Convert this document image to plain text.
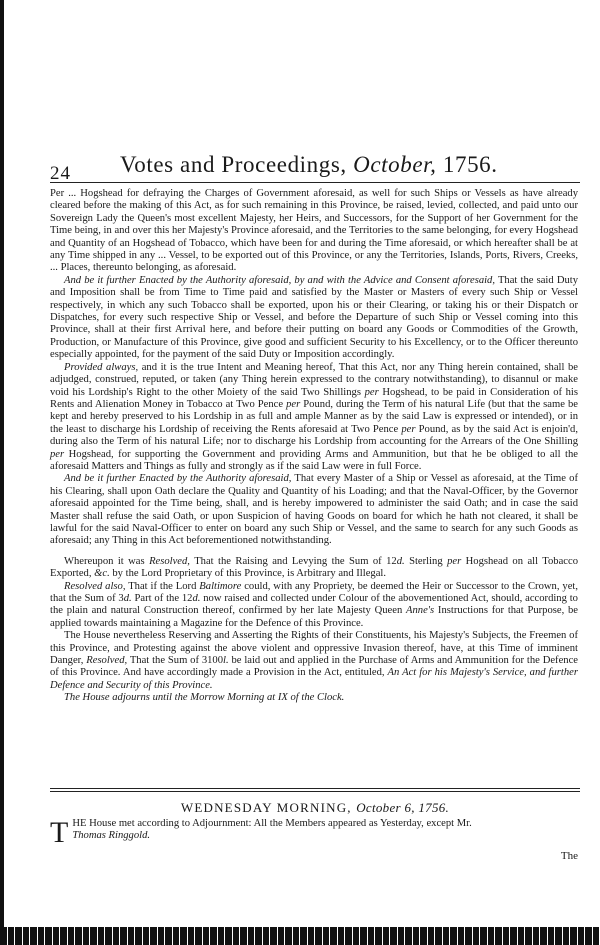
24 Votes and Proceedings, October, 1756.

Per ... Hogshead for defraying the Charges of Government aforesaid, as well for such Ships or Vessels as have already cleared before the making of this Act, as for such remaining in this Province, be raised, levied, collected, and paid unto our Sovereign Lady the Queen's most excellent Majesty, her Heirs, and Successors, for the Support of her Government for the Time being, in and over this her Majesty's Province aforesaid, and the Territories to the same belonging, for every Hogshead and Quantity of an Hogshead of Tobacco, which have been for and during the Time aforesaid, or which hereafter shall be at any Time shipped in any ... Vessel, to be exported out of this Province, or any the Territories, Islands, Ports, Rivers, Creeks, ... Places, thereunto belonging, as aforesaid.

And be it further Enacted by the Authority aforesaid, by and with the Advice and Consent aforesaid, That the said Duty and Imposition shall be from Time to Time paid and satisfied by the Master or Masters of every such Ship or Vessel respectively, in which any such Tobacco shall be exported, upon his or their Clearing, or taking his or their Dispatch or Dispatches, for every such respective Ship or Vessel, and before the Departure of such Ship or Vessel coming into this Province, shall at their first Arrival here, and before their putting on board any Goods or Commodities of the Growth, Production, or Manufacture of this Province, give good and sufficient Security to his Excellency, or to the Officer thereunto especially appointed, for the payment of the said Duty or Imposition accordingly.

Provided always, and it is the true Intent and Meaning hereof, That this Act, nor any Thing herein contained, shall be adjudged, construed, reputed, or taken (any Thing herein expressed to the contrary notwithstanding), to disannul or make void his Lordship's Right to the other Moiety of the said Two Shillings per Hogshead, to be paid in Consideration of his Rents and Alienation Money in Tobacco at Two Pence per Pound, during the Term of his natural Life (but that the same be kept and hereby preserved to his Lordship in as full and ample Manner as by the said Law is expressed or intended), or in the least to discharge his Lordship of receiving the Rents aforesaid at Two Pence per Pound, as by the said Act is enjoin'd, during also the Term of his natural Life; nor to discharge his Lordship from accounting for the Arrears of the One Shilling per Hogshead, for supporting the Government and providing Arms and Ammunition, but that he be obliged to all the aforesaid Matters and Things as fully and strongly as if the said Law were in full Force.

And be it further Enacted by the Authority aforesaid, That every Master of a Ship or Vessel as aforesaid, at the Time of his Clearing, shall upon Oath declare the Quality and Quantity of his Loading; and that the Naval-Officer, by the Governor aforesaid appointed for the Time being, shall, and is hereby impowered to administer the said Oath; and in case the said Master shall refuse the said Oath, or upon Suspicion of having Goods on board for which he hath not cleared, it shall be lawful for the said Naval-Officer to enter on board any such Ship or Vessel, and the same to search for any such Goods as aforesaid; any Thing in this Act beforementioned notwithstanding.

Whereupon it was Resolved, That the Raising and Levying the Sum of 12d. Sterling per Hogshead on all Tobacco Exported, &c. by the Lord Proprietary of this Province, is Arbitrary and Illegal.

Resolved also, That if the Lord Baltimore could, with any Propriety, be deemed the Heir or Successor to the Crown, yet, that the Sum of 3d. Part of the 12d. now raised and collected under Colour of the abovementioned Act, should, according to the plain and natural Construction thereof, confirmed by her late Majesty Queen Anne's Instructions for that Purpose, be applied towards maintaining a Magazine for the Defence of this Province.

The House nevertheless Reserving and Asserting the Rights of their Constituents, his Majesty's Subjects, the Freemen of this Province, and Protesting against the above violent and oppressive Invasion thereof, have, at this Time of imminent Danger, Resolved, That the Sum of 3100l. be laid out and applied in the Purchase of Arms and Ammunition for the Defence of this Province. And have accordingly made a Provision in the Act, entituled, An Act for his Majesty's Service, and further Defence and Security of this Province.

The House adjourns until the Morrow Morning at IX of the Clock.

WEDNESDAY MORNING, October 6, 1756.
T HE House met according to Adjournment: All the Members appeared as Yesterday, except Mr.
Thomas Ringgold.
The
